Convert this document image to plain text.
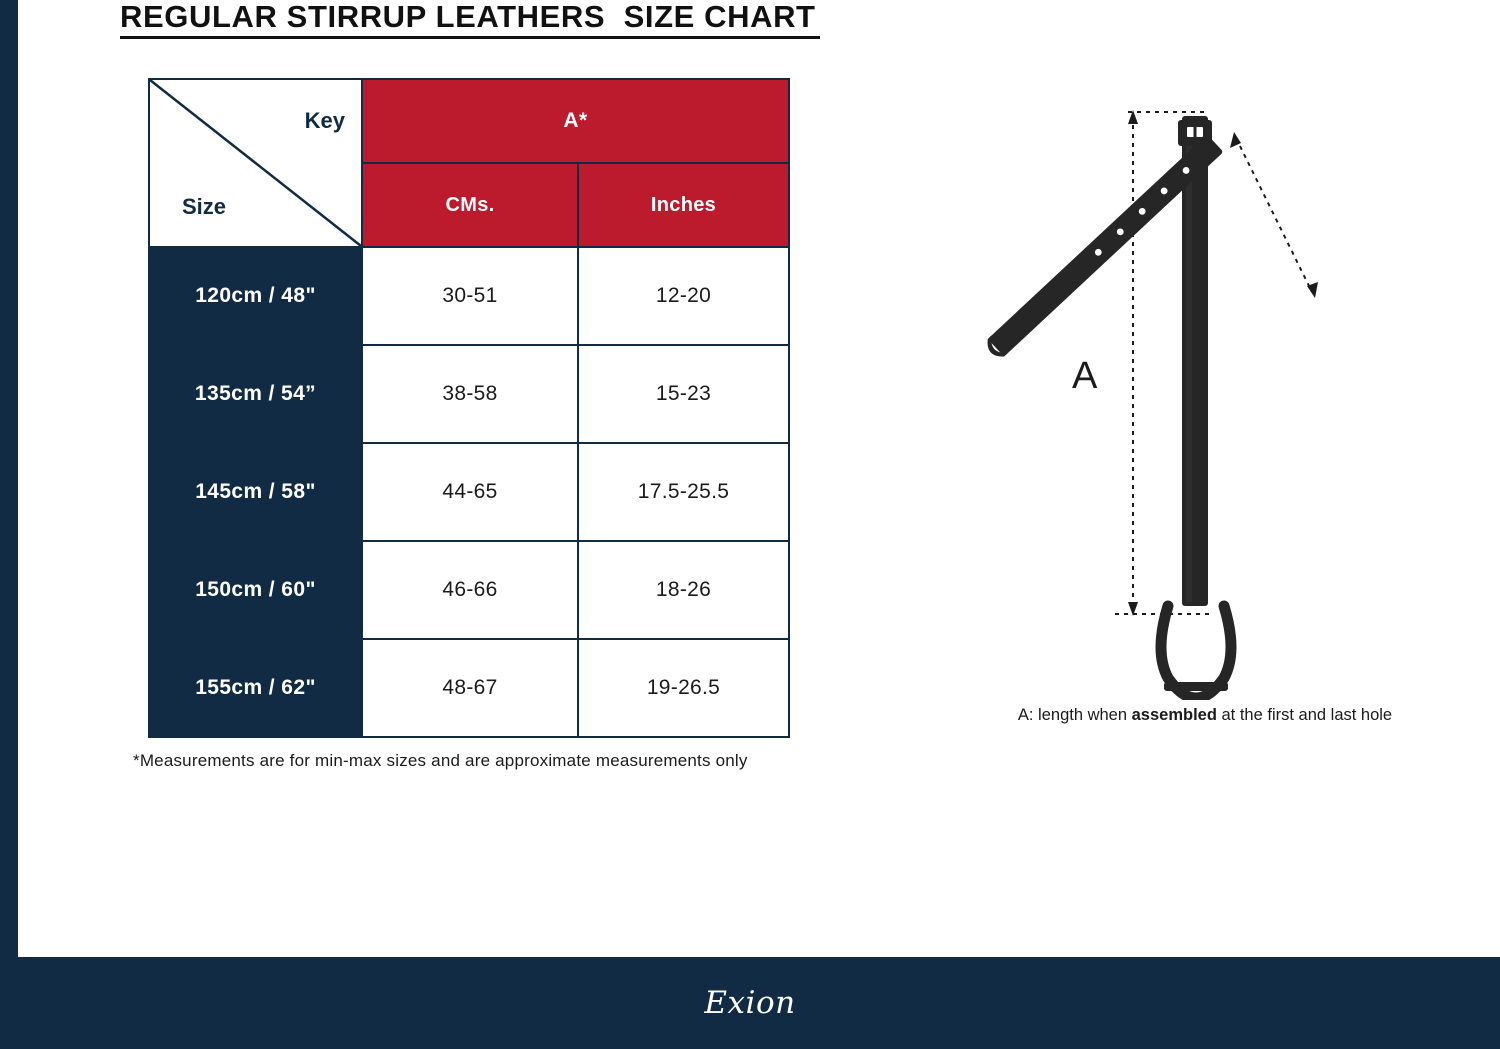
REGULAR STIRRUP LEATHERS  SIZE CHART
Key
Size	A*	
	CMs.	Inches
120cm / 48"	30-51	12-20
135cm / 54”	38-58	15-23
145cm / 58"	44-65	17.5-25.5
150cm / 60"	46-66	18-26
155cm / 62"	48-67	19-26.5
*Measurements are for min-max sizes and are approximate measurements only
A
A: length when assembled at the first and last hole
Exion
